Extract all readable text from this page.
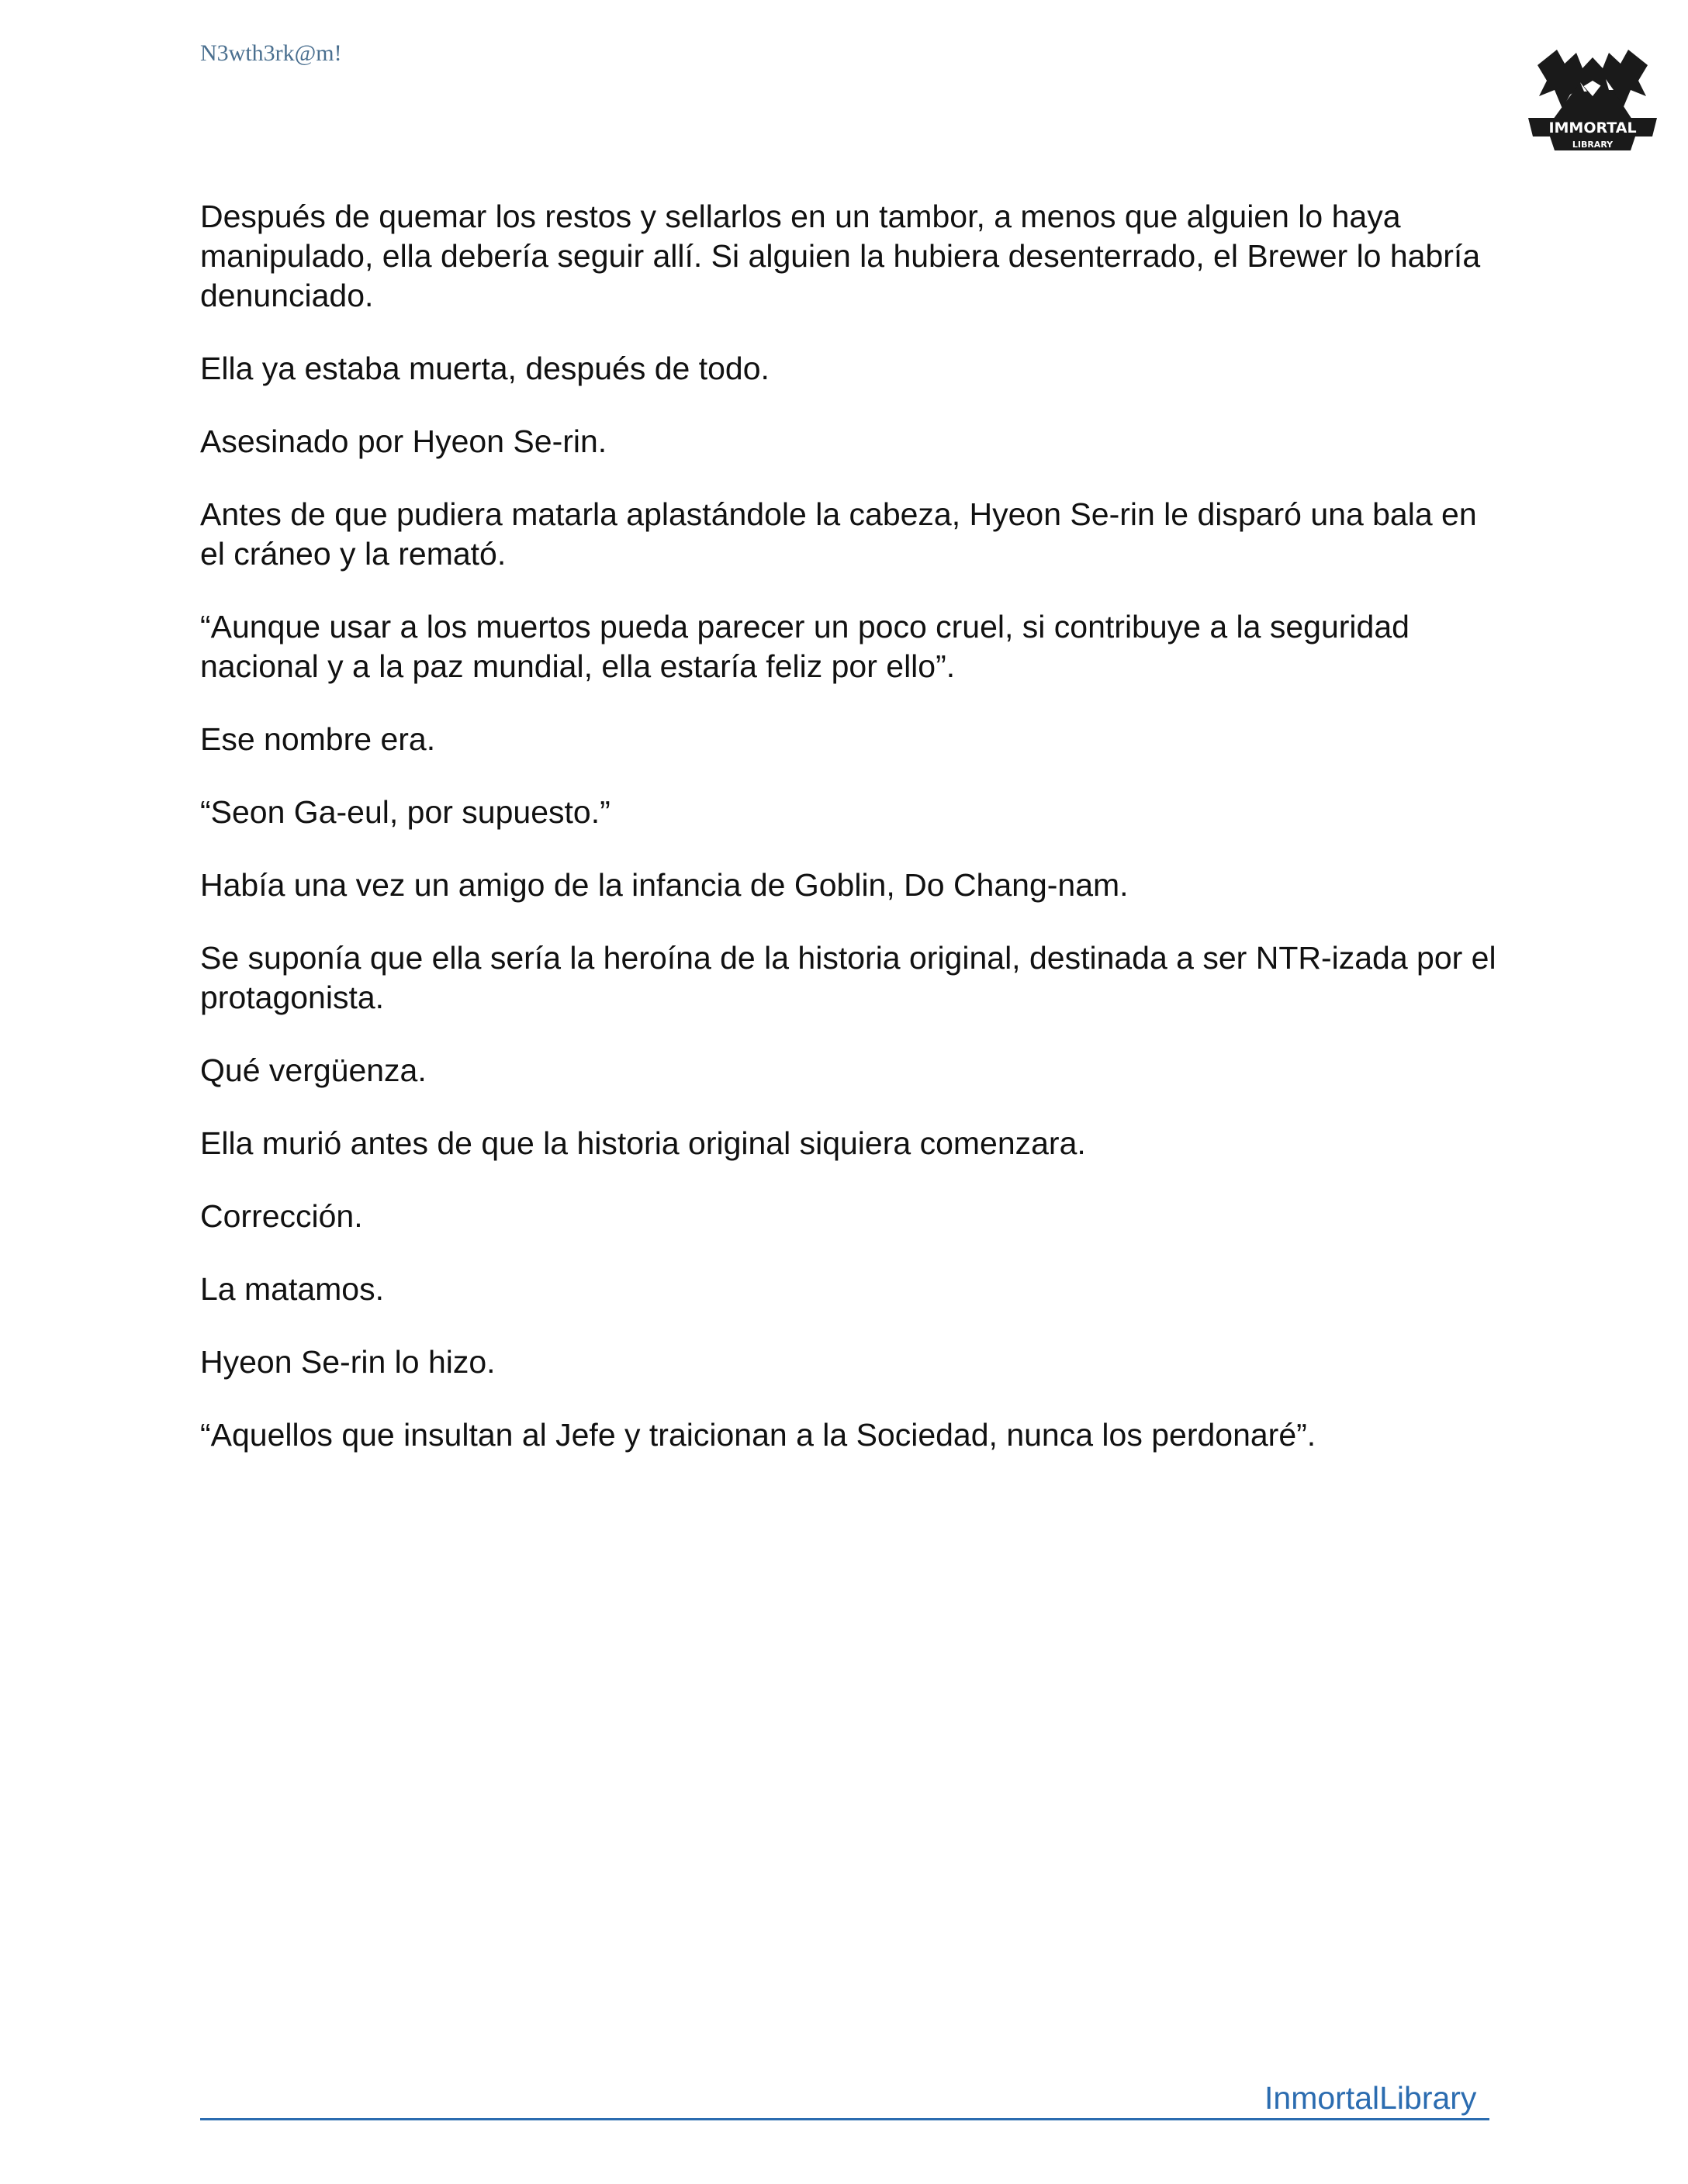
N3wth3rk@m!
IMMORTAL
LIBRARY

Después de quemar los restos y sellarlos en un tambor, a menos que alguien lo haya manipulado, ella debería seguir allí. Si alguien la hubiera desenterrado, el Brewer lo habría denunciado.

Ella ya estaba muerta, después de todo.

Asesinado por Hyeon Se-rin.

Antes de que pudiera matarla aplastándole la cabeza, Hyeon Se-rin le disparó una bala en el cráneo y la remató.

“Aunque usar a los muertos pueda parecer un poco cruel, si contribuye a la seguridad nacional y a la paz mundial, ella estaría feliz por ello”.

Ese nombre era.

“Seon Ga-eul, por supuesto.”

Había una vez un amigo de la infancia de Goblin, Do Chang-nam.

Se suponía que ella sería la heroína de la historia original, destinada a ser NTR-izada por el protagonista.

Qué vergüenza.

Ella murió antes de que la historia original siquiera comenzara.

Corrección.

La matamos.

Hyeon Se-rin lo hizo.

“Aquellos que insultan al Jefe y traicionan a la Sociedad, nunca los perdonaré”.

InmortalLibrary
